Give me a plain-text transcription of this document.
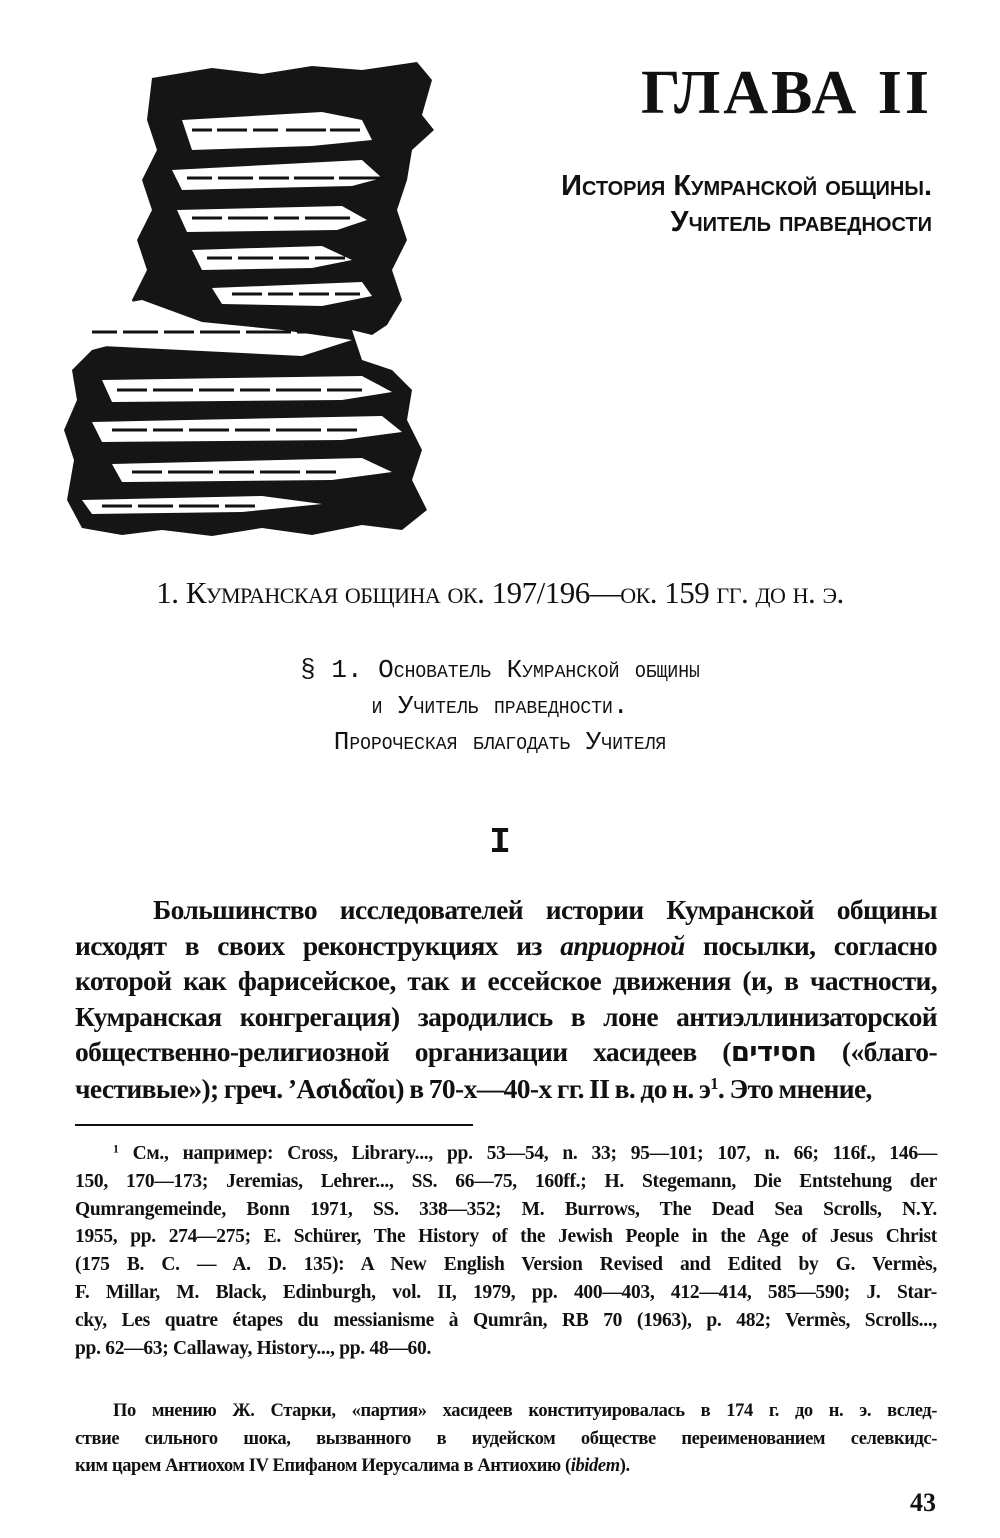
ГЛАВА II
История Кумранской общины.
Учитель праведности
1. Кумранская община ок. 197/196—ок. 159 гг. до н. э.
§ 1. Основатель Кумранской общины
и Учитель праведности.
Пророческая благодать Учителя
I
Большинство исследователей истории Кумранской общины
исходят в своих реконструкциях из априорной посылки, согласно
которой как фарисейское, так и ессейское движения (и, в частности,
Кумранская конгрегация) зародились в лоне антиэллинизаторской
общественно-религиозной организации хасидеев (חסידים («благо-
честивые»); греч. ’Ασιδαῖοι) в 70-х—40-х гг. II в. до н. $э^1$. Это мнение,
$^1$ См., например: Cross, Library..., pp. 53—54, n. 33; 95—101; 107, n. 66; 116f., 146—
150, 170—173; Jeremias, Lehrer..., SS. 66—75, 160ff.; H. Stegemann, Die Entstehung der
Qumrangemeinde, Bonn 1971, SS. 338—352; M. Burrows, The Dead Sea Scrolls, N.Y.
1955, pp. 274—275; E. Schürer, The History of the Jewish People in the Age of Jesus Christ
(175 B. C. — A. D. 135): A New English Version Revised and Edited by G. Vermès,
F. Millar, M. Black, Edinburgh, vol. II, 1979, pp. 400—403, 412—414, 585—590; J. Star-
cky, Les quatre étapes du messianisme à Qumrân, RB 70 (1963), p. 482; Vermès, Scrolls...,
pp. 62—63; Callaway, History..., pp. 48—60.
По мнению Ж. Старки, «партия» хасидеев конституировалась в 174 г. до н. э. вслед-
ствие сильного шока, вызванного в иудейском обществе переименованием селевкидс-
ким царем Антиохом IV Епифаном Иерусалима в Антиохию (ibidem).
43
